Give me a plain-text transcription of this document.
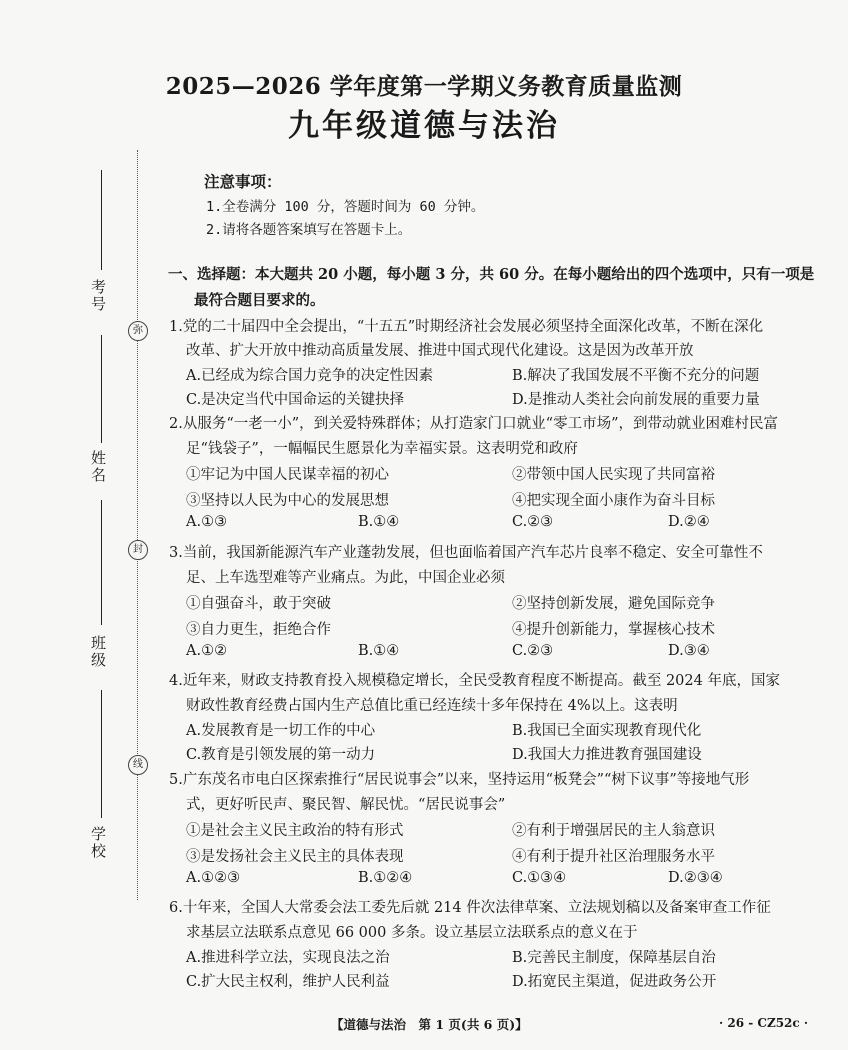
考号
姓名
班级
学校
弥
封
线
2025—2026 学年度第一学期义务教育质量监测
九年级道德与法治
注意事项：
1.全卷满分 100 分，答题时间为 60 分钟。
2.请将各题答案填写在答题卡上。
一、选择题：本大题共 20 小题，每小题 3 分，共 60 分。在每小题给出的四个选项中，只有一项是
最符合题目要求的。
1.党的二十届四中全会提出，“十五五”时期经济社会发展必须坚持全面深化改革，不断在深化
改革、扩大开放中推动高质量发展、推进中国式现代化建设。这是因为改革开放
A.已经成为综合国力竞争的决定性因素	B.解决了我国发展不平衡不充分的问题
C.是决定当代中国命运的关键抉择	D.是推动人类社会向前发展的重要力量
2.从服务“一老一小”，到关爱特殊群体；从打造家门口就业“零工市场”，到带动就业困难村民富
足“钱袋子”，一幅幅民生愿景化为幸福实景。这表明党和政府
①牢记为中国人民谋幸福的初心	②带领中国人民实现了共同富裕
③坚持以人民为中心的发展思想	④把实现全面小康作为奋斗目标
A.①③	B.①④	C.②③	D.②④
3.当前，我国新能源汽车产业蓬勃发展，但也面临着国产汽车芯片良率不稳定、安全可靠性不
足、上车选型难等产业痛点。为此，中国企业必须
①自强奋斗，敢于突破	②坚持创新发展，避免国际竞争
③自力更生，拒绝合作	④提升创新能力，掌握核心技术
A.①②	B.①④	C.②③	D.③④
4.近年来，财政支持教育投入规模稳定增长，全民受教育程度不断提高。截至 2024 年底，国家
财政性教育经费占国内生产总值比重已经连续十多年保持在 4%以上。这表明
A.发展教育是一切工作的中心	B.我国已全面实现教育现代化
C.教育是引领发展的第一动力	D.我国大力推进教育强国建设
5.广东茂名市电白区探索推行“居民说事会”以来，坚持运用“板凳会”“树下议事”等接地气形
式，更好听民声、聚民智、解民忧。“居民说事会”
①是社会主义民主政治的特有形式	②有利于增强居民的主人翁意识
③是发扬社会主义民主的具体表现	④有利于提升社区治理服务水平
A.①②③	B.①②④	C.①③④	D.②③④
6.十年来，全国人大常委会法工委先后就 214 件次法律草案、立法规划稿以及备案审查工作征
求基层立法联系点意见 66 000 多条。设立基层立法联系点的意义在于
A.推进科学立法，实现良法之治	B.完善民主制度，保障基层自治
C.扩大民主权利，维护人民利益	D.拓宽民主渠道，促进政务公开
【道德与法治　第 1 页(共 6 页)】	· 26 - CZ52c ·
